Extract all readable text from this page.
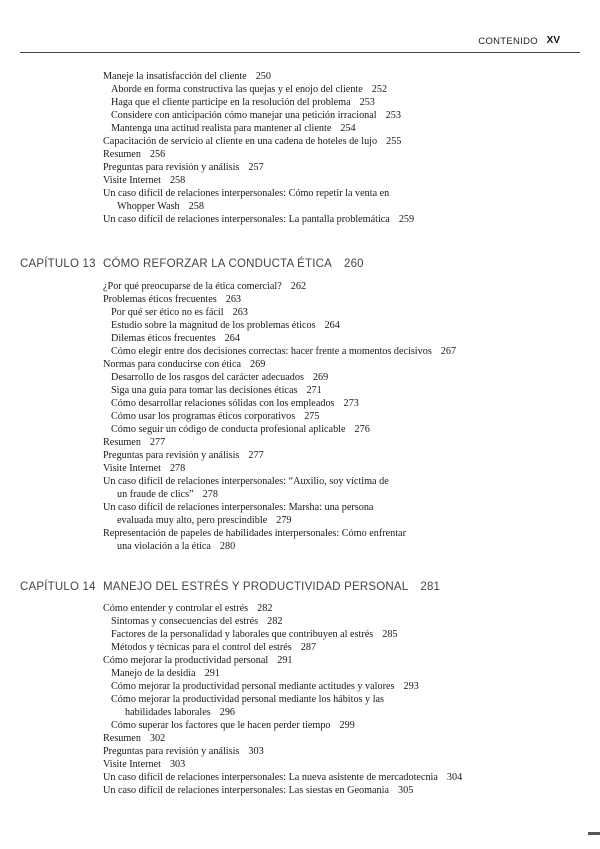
CONTENIDO XV
Maneje la insatisfacción del cliente 250
Aborde en forma constructiva las quejas y el enojo del cliente 252
Haga que el cliente participe en la resolución del problema 253
Considere con anticipación cómo manejar una petición irracional 253
Mantenga una actitud realista para mantener al cliente 254
Capacitación de servicio al cliente en una cadena de hoteles de lujo 255
Resumen 256
Preguntas para revisión y análisis 257
Visite Internet 258
Un caso difícil de relaciones interpersonales: Cómo repetir la venta en
Whopper Wash 258
Un caso difícil de relaciones interpersonales: La pantalla problemática 259
CAPÍTULO 13 CÓMO REFORZAR LA CONDUCTA ÉTICA 260
¿Por qué preocuparse de la ética comercial? 262
Problemas éticos frecuentes 263
Por qué ser ético no es fácil 263
Estudio sobre la magnitud de los problemas éticos 264
Dilemas éticos frecuentes 264
Cómo elegir entre dos decisiones correctas: hacer frente a momentos decisivos 267
Normas para conducirse con ética 269
Desarrollo de los rasgos del carácter adecuados 269
Siga una guía para tomar las decisiones éticas 271
Cómo desarrollar relaciones sólidas con los empleados 273
Cómo usar los programas éticos corporativos 275
Cómo seguir un código de conducta profesional aplicable 276
Resumen 277
Preguntas para revisión y análisis 277
Visite Internet 278
Un caso difícil de relaciones interpersonales: “Auxilio, soy víctima de
un fraude de clics” 278
Un caso difícil de relaciones interpersonales: Marsha: una persona
evaluada muy alto, pero prescindible 279
Representación de papeles de habilidades interpersonales: Cómo enfrentar
una violación a la ética 280
CAPÍTULO 14 MANEJO DEL ESTRÉS Y PRODUCTIVIDAD PERSONAL 281
Cómo entender y controlar el estrés 282
Síntomas y consecuencias del estrés 282
Factores de la personalidad y laborales que contribuyen al estrés 285
Métodos y técnicas para el control del estrés 287
Cómo mejorar la productividad personal 291
Manejo de la desidia 291
Cómo mejorar la productividad personal mediante actitudes y valores 293
Cómo mejorar la productividad personal mediante los hábitos y las
habilidades laborales 296
Cómo superar los factores que le hacen perder tiempo 299
Resumen 302
Preguntas para revisión y análisis 303
Visite Internet 303
Un caso difícil de relaciones interpersonales: La nueva asistente de mercadotecnia 304
Un caso difícil de relaciones interpersonales: Las siestas en Geomania 305
